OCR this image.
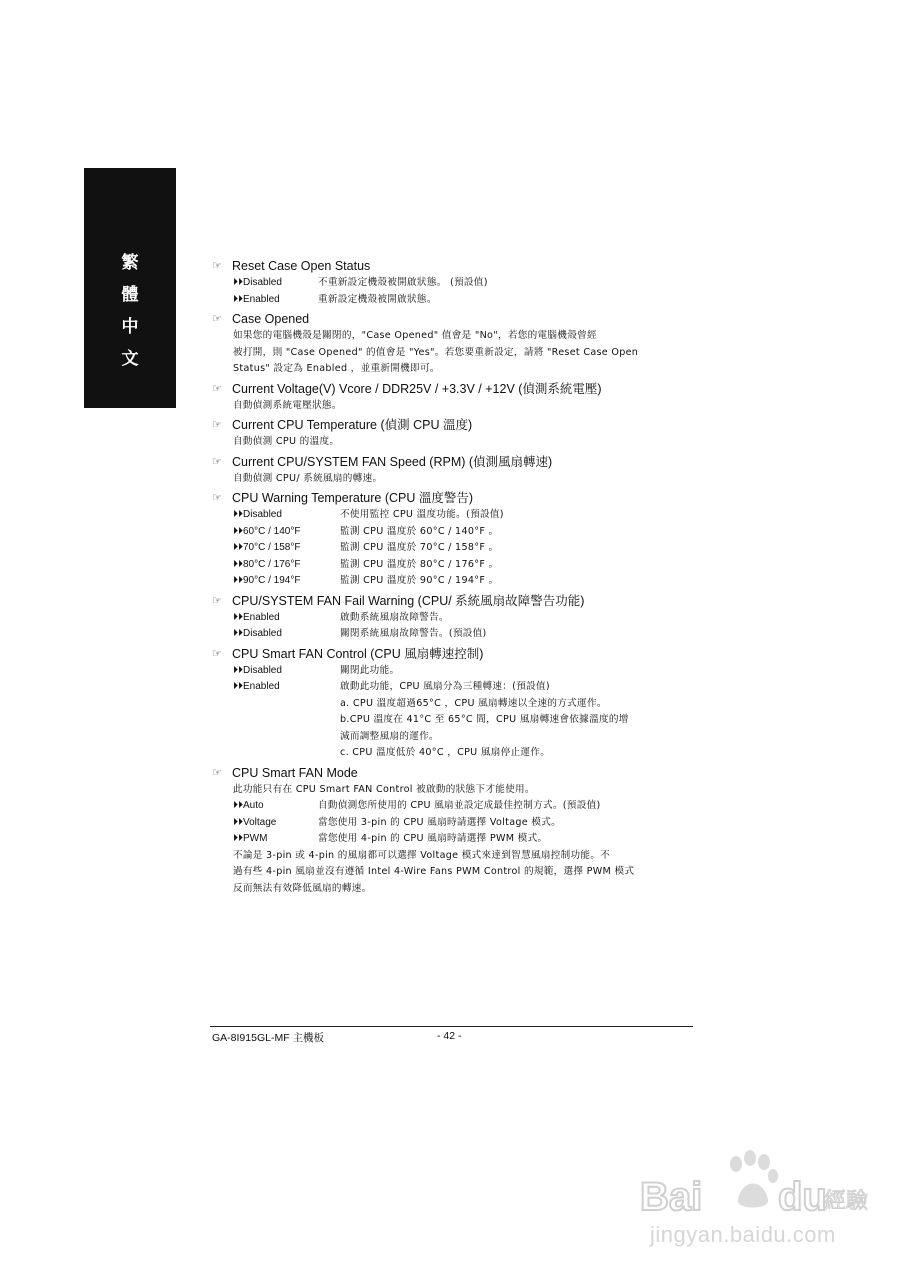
繁
體
中
文
☞ Reset Case Open Status
⏵⏵Disabled	不重新設定機殼被開啟狀態。 (預設值)
⏵⏵Enabled	重新設定機殼被開啟狀態。
☞ Case Opened
如果您的電腦機殼是關閉的，"Case Opened" 值會是 "No"，若您的電腦機殼曾經
被打開，則 "Case Opened" 的值會是 "Yes"。若您要重新設定，請將 "Reset Case Open
Status" 設定為 Enabled ，並重新開機即可。
☞ Current Voltage(V) Vcore / DDR25V / +3.3V / +12V (偵測系統電壓)
自動偵測系統電壓狀態。
☞ Current CPU Temperature (偵測 CPU 溫度)
自動偵測 CPU 的溫度。
☞ Current CPU/SYSTEM FAN Speed (RPM) (偵測風扇轉速)
自動偵測 CPU/ 系統風扇的轉速。
☞ CPU Warning Temperature (CPU 溫度警告)
⏵⏵Disabled	不使用監控 CPU 溫度功能。(預設值)
⏵⏵60°C / 140°F	監測 CPU 溫度於 60°C / 140°F 。
⏵⏵70°C / 158°F	監測 CPU 溫度於 70°C / 158°F 。
⏵⏵80°C / 176°F	監測 CPU 溫度於 80°C / 176°F 。
⏵⏵90°C / 194°F	監測 CPU 溫度於 90°C / 194°F 。
☞ CPU/SYSTEM FAN Fail Warning (CPU/ 系統風扇故障警告功能)
⏵⏵Enabled	啟動系統風扇故障警告。
⏵⏵Disabled	關閉系統風扇故障警告。(預設值)
☞ CPU Smart FAN Control (CPU 風扇轉速控制)
⏵⏵Disabled	關閉此功能。
⏵⏵Enabled	啟動此功能，CPU 風扇分為三種轉速：(預設值)
a. CPU 溫度超過65°C ，CPU 風扇轉速以全速的方式運作。
b.CPU 溫度在 41°C 至 65°C 間，CPU 風扇轉速會依據溫度的增
減而調整風扇的運作。
c. CPU 溫度低於 40°C ，CPU 風扇停止運作。
☞ CPU Smart FAN Mode
此功能只有在 CPU Smart FAN Control 被啟動的狀態下才能使用。
⏵⏵Auto	自動偵測您所使用的 CPU 風扇並設定成最佳控制方式。(預設值)
⏵⏵Voltage	當您使用 3-pin 的 CPU 風扇時請選擇 Voltage 模式。
⏵⏵PWM	當您使用 4-pin 的 CPU 風扇時請選擇 PWM 模式。
不論是 3-pin 或 4-pin 的風扇都可以選擇 Voltage 模式來達到智慧風扇控制功能。不
過有些 4-pin 風扇並沒有遵循 Intel 4-Wire Fans PWM Control 的規範，選擇 PWM 模式
反而無法有效降低風扇的轉速。
GA-8I915GL-MF 主機板	- 42 -
Bai du
經驗
jingyan.baidu.com
